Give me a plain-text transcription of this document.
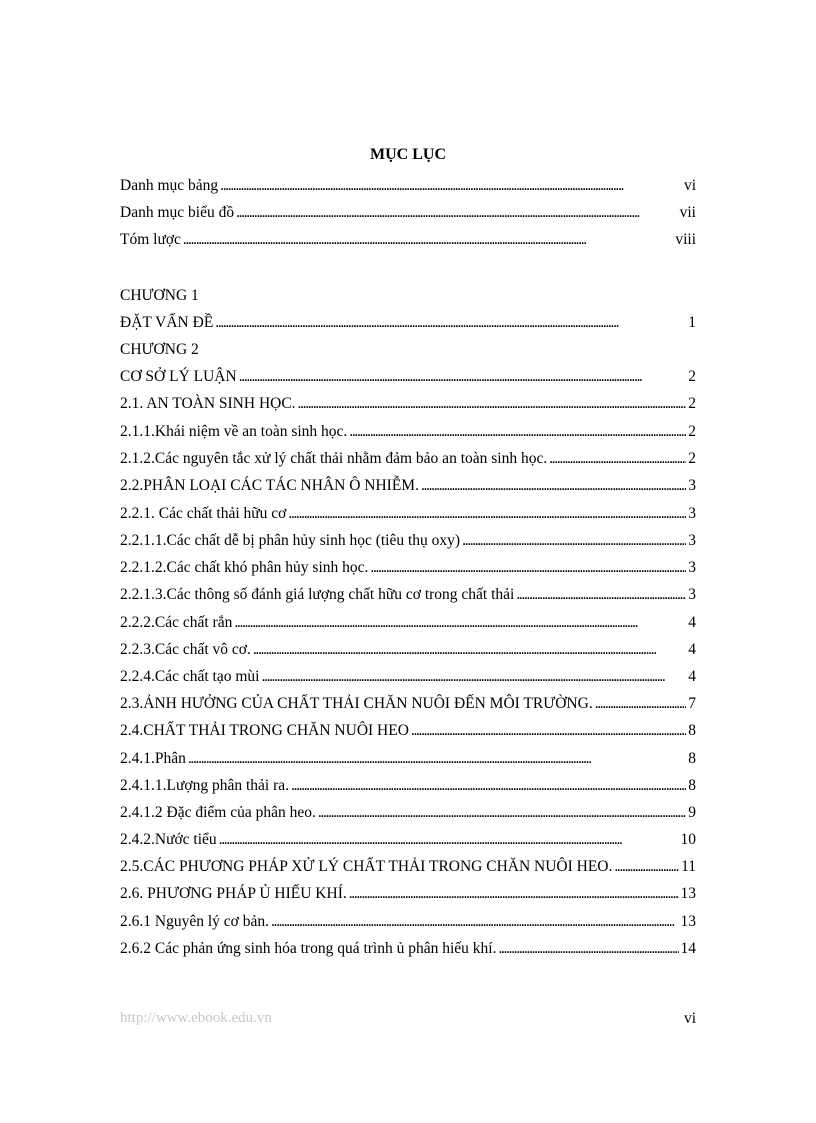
MỤC LỤC
Danh mục bảng . . .	vi
Danh mục biểu đồ . . .	vii
Tóm lược . . .	viii
CHƯƠNG 1
ĐẶT VẤN ĐỀ . . .	1
CHƯƠNG 2
CƠ SỞ LÝ LUẬN . . .	2
2.1. AN TOÀN SINH HỌC. . . .	2
2.1.1.Khái niệm về an toàn sinh học. . . .	2
2.1.2.Các nguyên tắc xử lý chất thải nhằm đảm bảo an toàn sinh học. . . .	2
2.2.PHÂN LOẠI CÁC TÁC NHÂN Ô NHIỄM. . . .	3
2.2.1. Các chất thải hữu cơ . . .	3
2.2.1.1.Các chất dễ bị phân hủy sinh học (tiêu thụ oxy) . . .	3
2.2.1.2.Các chất khó phân hủy sinh học. . . .	3
2.2.1.3.Các thông số đánh giá lượng chất hữu cơ trong chất thải . . .	3
2.2.2.Các chất rắn . . .	4
2.2.3.Các chất vô cơ. . . .	4
2.2.4.Các chất tạo mùi . . .	4
2.3.ẢNH HƯỞNG CỦA CHẤT THẢI CHĂN NUÔI ĐẾN MÔI TRƯỜNG. . . .	7
2.4.CHẤT THẢI TRONG CHĂN NUÔI HEO . . .	8
2.4.1.Phân . . .	8
2.4.1.1.Lượng phân thải ra. . . .	8
2.4.1.2 Đặc điểm của phân heo. . . .	9
2.4.2.Nước tiểu . . .	10
2.5.CÁC PHƯƠNG PHÁP XỬ LÝ CHẤT THẢI TRONG CHĂN NUÔI HEO. . . .	11
2.6. PHƯƠNG PHÁP Ủ HIẾU KHÍ. . . .	13
2.6.1 Nguyên lý cơ bản. . . .	13
2.6.2 Các phản ứng sinh hóa trong quá trình ủ phân hiếu khí. . . .	14
http://www.ebook.edu.vn	vi
